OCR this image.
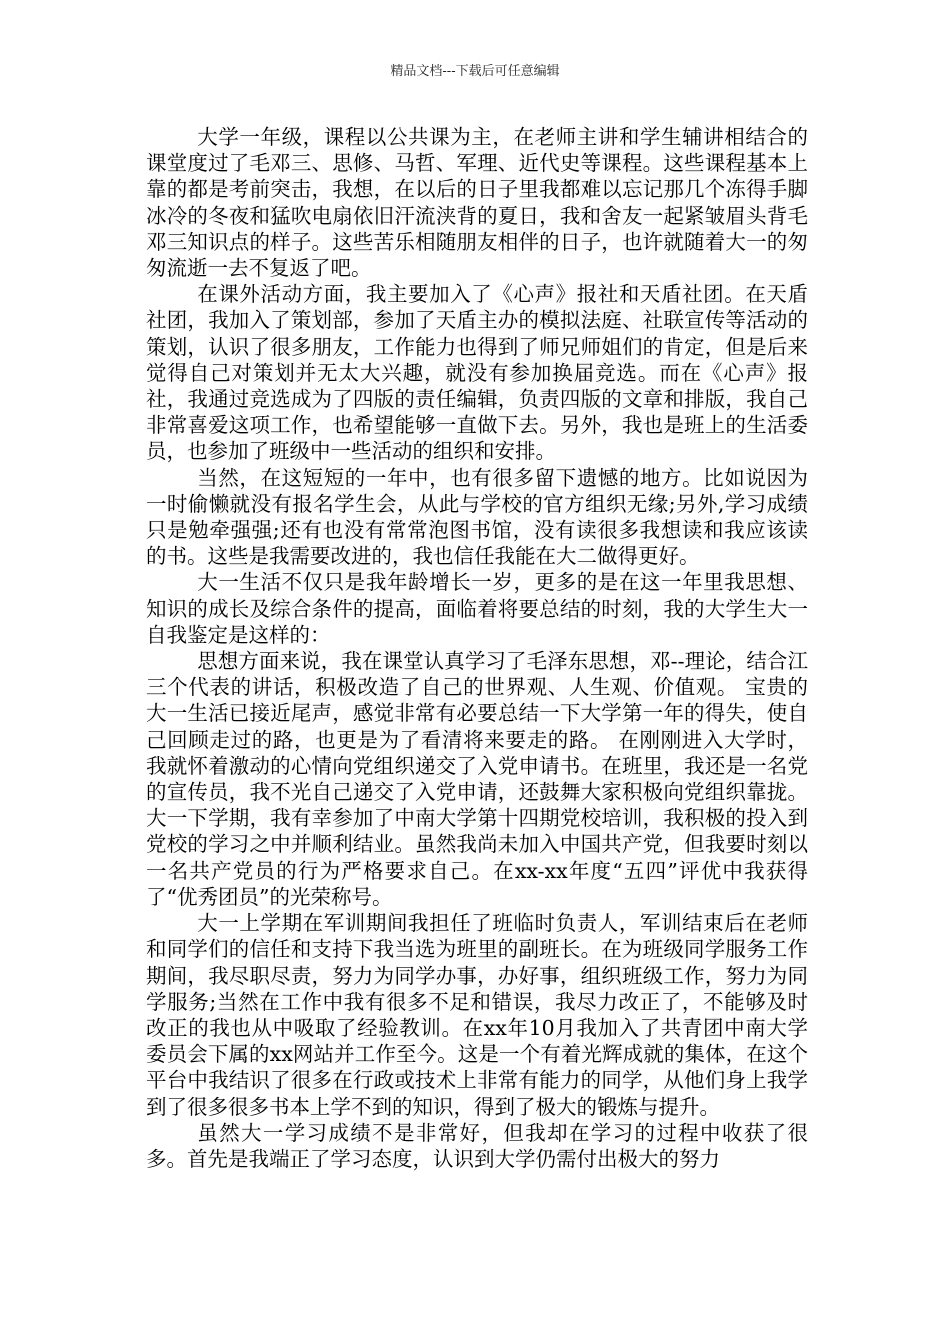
精品文档---下载后可任意编辑

大学一年级，课程以公共课为主，在老师主讲和学生辅讲相结合的课堂度过了毛邓三、思修、马哲、军理、近代史等课程。这些课程基本上靠的都是考前突击，我想，在以后的日子里我都难以忘记那几个冻得手脚冰冷的冬夜和猛吹电扇依旧汗流浃背的夏日，我和舍友一起紧皱眉头背毛邓三知识点的样子。这些苦乐相随朋友相伴的日子，也许就随着大一的匆匆流逝一去不复返了吧。

在课外活动方面，我主要加入了《心声》报社和天盾社团。在天盾社团，我加入了策划部，参加了天盾主办的模拟法庭、社联宣传等活动的策划，认识了很多朋友，工作能力也得到了师兄师姐们的肯定，但是后来觉得自己对策划并无太大兴趣，就没有参加换届竞选。而在《心声》报社，我通过竞选成为了四版的责任编辑，负责四版的文章和排版，我自己非常喜爱这项工作，也希望能够一直做下去。另外，我也是班上的生活委员，也参加了班级中一些活动的组织和安排。

当然，在这短短的一年中，也有很多留下遗憾的地方。比如说因为一时偷懒就没有报名学生会，从此与学校的官方组织无缘;另外,学习成绩只是勉牵强强;还有也没有常常泡图书馆，没有读很多我想读和我应该读的书。这些是我需要改进的，我也信任我能在大二做得更好。

大一生活不仅只是我年龄增长一岁，更多的是在这一年里我思想、知识的成长及综合条件的提高，面临着将要总结的时刻，我的大学生大一自我鉴定是这样的：

思想方面来说，我在课堂认真学习了毛泽东思想，邓--理论，结合江三个代表的讲话，积极改造了自己的世界观、人生观、价值观。 宝贵的大一生活已接近尾声，感觉非常有必要总结一下大学第一年的得失，使自己回顾走过的路，也更是为了看清将来要走的路。 在刚刚进入大学时，我就怀着激动的心情向党组织递交了入党申请书。在班里，我还是一名党的宣传员，我不光自己递交了入党申请，还鼓舞大家积极向党组织靠拢。大一下学期，我有幸参加了中南大学第十四期党校培训，我积极的投入到党校的学习之中并顺利结业。虽然我尚未加入中国共产党，但我要时刻以一名共产党员的行为严格要求自己。在xx-xx年度“五四”评优中我获得了“优秀团员”的光荣称号。

大一上学期在军训期间我担任了班临时负责人，军训结束后在老师和同学们的信任和支持下我当选为班里的副班长。在为班级同学服务工作期间，我尽职尽责，努力为同学办事，办好事，组织班级工作，努力为同学服务;当然在工作中我有很多不足和错误，我尽力改正了，不能够及时改正的我也从中吸取了经验教训。在xx年10月我加入了共青团中南大学委员会下属的xx网站并工作至今。这是一个有着光辉成就的集体，在这个平台中我结识了很多在行政或技术上非常有能力的同学，从他们身上我学到了很多很多书本上学不到的知识，得到了极大的锻炼与提升。

虽然大一学习成绩不是非常好，但我却在学习的过程中收获了很多。首先是我端正了学习态度，认识到大学仍需付出极大的努力
